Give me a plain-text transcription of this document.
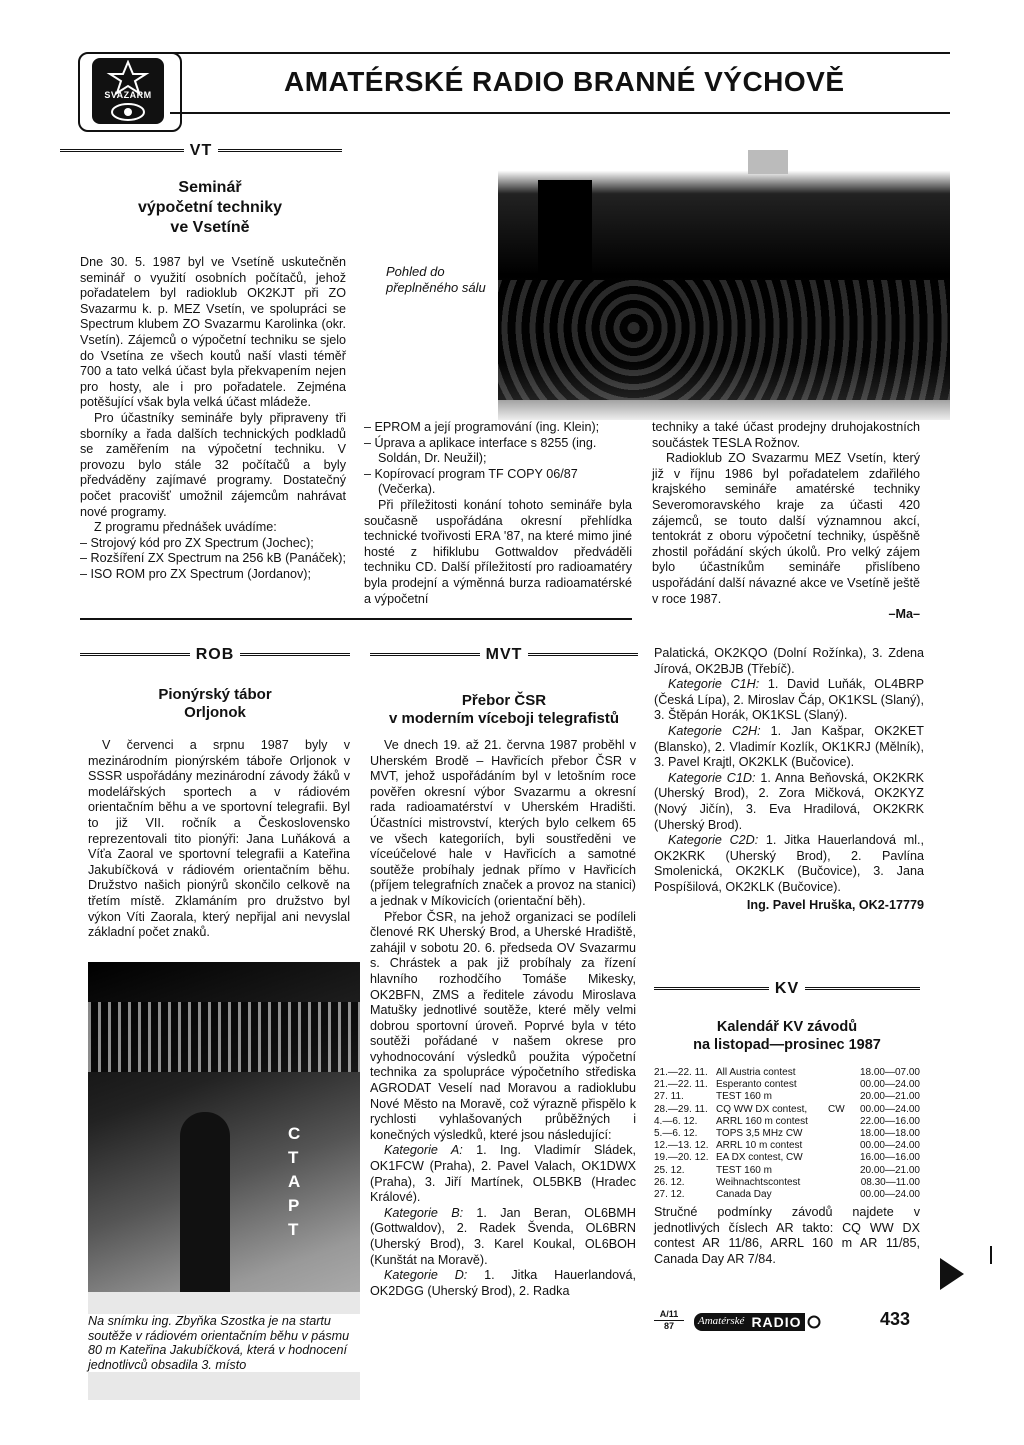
SVAZARM	AMATÉRSKÉ RADIO BRANNÉ VÝCHOVĚ
VT

Seminář

výpočetní techniky

ve Vsetíně

Pohled do přeplněného sálu

Dne 30. 5. 1987 byl ve Vsetíně uskutečněn seminář o využití osobních počítačů, jehož pořadatelem byl radioklub OK2KJT při ZO Svazarmu k. p. MEZ Vsetín, ve spolupráci se Spectrum klubem ZO Svazarmu Karolinka (okr. Vsetín). Zájemců o výpočetní techniku se sjelo do Vsetína ze všech koutů naší vlasti téměř 700 a tato velká účast byla překvapením nejen pro hosty, ale i pro pořadatele. Zejména potěšující však byla velká účast mládeže.

Pro účastníky semináře byly připraveny tři sborníky a řada dalších technických podkladů se zaměřením na výpočetní techniku. V provozu bylo stále 32 počítačů a byly předváděny zajímavé programy. Dostatečný počet pracovišť umožnil zájemcům nahrávat nové programy.

Z programu přednášek uvádíme:

– Strojový kód pro ZX Spectrum (Jochec);
– Rozšíření ZX Spectrum na 256 kB (Panáček);
– ISO ROM pro ZX Spectrum (Jordanov);
– EPROM a její programování (ing. Klein);
– Úprava a aplikace interface s 8255 (ing. Soldán, Dr. Neužil);
– Kopírovací program TF COPY 06/87 (Večerka).

Při příležitosti konání tohoto semináře byla současně uspořádána okresní přehlídka technické tvořivosti ERA '87, na které mimo jiné hosté z hifiklubu Gottwaldov předváděli techniku CD. Další příležitostí pro radioamatéry byla prodejní a výměnná burza radioamatérské a výpočetní

techniky a také účast prodejny druhojakostních součástek TESLA Rožnov.

Radioklub ZO Svazarmu MEZ Vsetín, který již v říjnu 1986 byl pořadatelem zdařilého krajského semináře amatérské techniky Severomoravského kraje za účasti 420 zájemců, se touto další významnou akcí, tentokrát z oboru výpočetní techniky, úspěšně zhostil pořádání ských úkolů. Pro velký zájem bylo účastníkům semináře přislíbeno uspořádání další návazné akce ve Vsetíně ještě v roce 1987.

–Ma–

ROB

Pionýrský tábor

Orljonok

V červenci a srpnu 1987 byly v mezinárodním pionýrském táboře Orljonok v SSSR uspořádány mezinárodní závody žáků v modelářských sportech a v rádiovém orientačním běhu a ve sportovní telegrafii. Byl to již VII. ročník a Československo reprezentovali tito pionýři: Jana Luňáková a Víťa Zaoral ve sportovní telegrafii a Kateřina Jakubíčková v rádiovém orientačním běhu. Družstvo našich pionýrů skončilo celkově na třetím místě. Zklamáním pro družstvo byl výkon Víti Zaorala, který nepřijal ani nevyslal základní počet znaků.

СТАРТ
Na snímku ing. Zbyňka Szostka je na startu soutěže v rádiovém orientačním běhu v pásmu 80 m Kateřina Jakubíčková, která v hodnocení jednotlivců obsadila 3. místo
MVT

Přebor ČSR

v moderním víceboji telegrafistů

Ve dnech 19. až 21. června 1987 proběhl v Uherském Brodě – Havřicích přebor ČSR v MVT, jehož uspořádáním byl v letošním roce pověřen okresní výbor Svazarmu a okresní rada radioamatérství v Uherském Hradišti. Účastníci mistrovství, kterých bylo celkem 65 ve všech kategoriích, byli soustředěni ve víceúčelové hale v Havřicích a samotné soutěže probíhaly jednak přímo v Havřicích (příjem telegrafních značek a provoz na stanici) a jednak v Míkovicích (orientační běh).

Přebor ČSR, na jehož organizaci se podíleli členové RK Uherský Brod, a Uherské Hradiště, zahájil v sobotu 20. 6. předseda OV Svazarmu s. Chrástek a pak již probíhaly za řízení hlavního rozhodčího Tomáše Mikesky, OK2BFN, ZMS a ředitele závodu Miroslava Matušky jednotlivé soutěže, které měly velmi dobrou sportovní úroveň. Poprvé byla v této soutěži pořádané v našem okrese pro vyhodnocování výsledků použita výpočetní technika za spolupráce výpočetního střediska AGRODAT Veselí nad Moravou a radioklubu Nové Město na Moravě, což výrazně přispělo k rychlosti vyhlašovaných průběžných i konečných výsledků, které jsou následující:

Kategorie A: 1. Ing. Vladimír Sládek, OK1FCW (Praha), 2. Pavel Valach, OK1DWX (Praha), 3. Jiří Martínek, OL5BKB (Hradec Králové).

Kategorie B: 1. Jan Beran, OL6BMH (Gottwaldov), 2. Radek Švenda, OL6BRN (Uherský Brod), 3. Karel Koukal, OL6BOH (Kunštát na Moravě).

Kategorie D: 1. Jitka Hauerlandová, OK2DGG (Uherský Brod), 2. Radka

Palatická, OK2KQO (Dolní Rožínka), 3. Zdena Jírová, OK2BJB (Třebíč).

Kategorie C1H: 1. David Luňák, OL4BRP (Česká Lípa), 2. Miroslav Čáp, OK1KSL (Slaný), 3. Štěpán Horák, OK1KSL (Slaný).

Kategorie C2H: 1. Jan Kašpar, OK2KET (Blansko), 2. Vladimír Kozlík, OK1KRJ (Mělník), 3. Pavel Krajtl, OK2KLK (Bučovice).

Kategorie C1D: 1. Anna Beňovská, OK2KRK (Uherský Brod), 2. Zora Mičková, OK2KYZ (Nový Jičín), 3. Eva Hradilová, OK2KRK (Uherský Brod).

Kategorie C2D: 1. Jitka Hauerlandová ml., OK2KRK (Uherský Brod), 2. Pavlína Smolenická, OK2KLK (Bučovice), 3. Jana Pospíšilová, OK2KLK (Bučovice).

Ing. Pavel Hruška, OK2-17779

KV

Kalendář KV závodů

na listopad—prosinec 1987

21.—22. 11.	All Austria contest		18.00—07.00
21.—22. 11.	Esperanto contest		00.00—24.00
27. 11.	TEST 160 m		20.00—21.00
28.—29. 11.	CQ WW DX contest,	CW	00.00—24.00
4.—6. 12.	ARRL 160 m contest		22.00—16.00
5.—6. 12.	TOPS 3,5 MHz CW		18.00—18.00
12.—13. 12.	ARRL 10 m contest		00.00—24.00
19.—20. 12.	EA DX contest, CW		16.00—16.00
25. 12.	TEST 160 m		20.00—21.00
26. 12.	Weihnachtscontest		08.30—11.00
27. 12.	Canada Day		00.00—24.00

Stručné podmínky závodů najdete v jednotlivých číslech AR takto: CQ WW DX contest AR 11/86, ARRL 160 m AR 11/85, Canada Day AR 7/84.

A/11
87	Amatérské RADIO	433
